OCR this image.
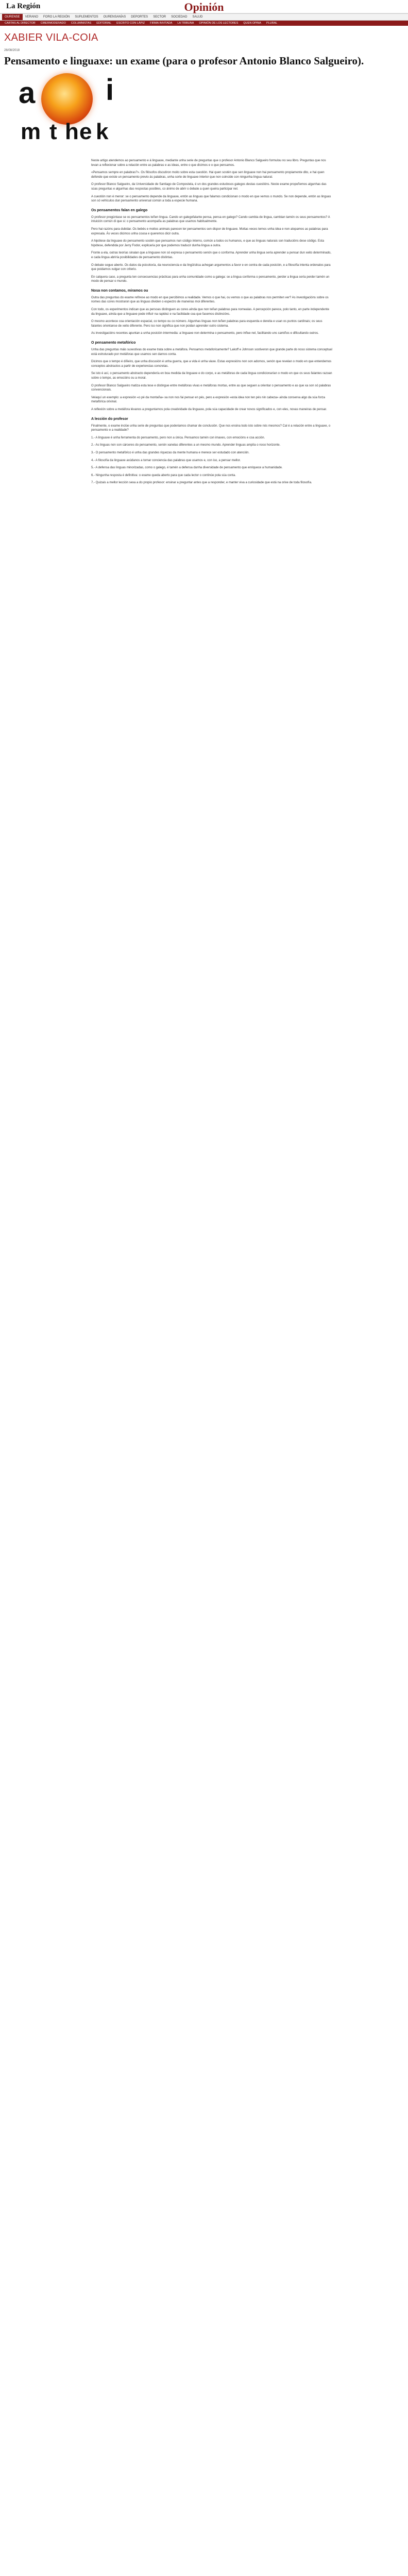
La Región	Opinión
OURENSE	VERANO	FORO LA REGIÓN	SUPLEMENTOS	OURENSANÍAS	DEPORTES	SECTOR	SOCIEDAD	SALUD
CARTAS AL DIRECTOR	CIBERMODERADO	COLUMNISTAS	EDITORIAL	ESCRITO CON LÁPIZ	FIRMA INVITADA	LA TRIBUNA	OPINIÓN DE LOS LECTORES	QUEN OPINA	PLURAL
XABIER VILA-COIA
26/08/2018
Pensamento e linguaxe: un exame (para o profesor Antonio Blanco Salgueiro).
a i
m t h e k

Neste artigo atendemos ao pensamento e á linguaxe, mediante unha serie de preguntas que o profesor Antonio Blanco Salgueiro formulou no seu libro. Preguntas que nos levan a reflexionar sobre a relación entre as palabras e as ideas, entre o que dicimos e o que pensamos.

«Pensamos sempre en palabras?». Os filósofos discutiron moito sobre esta cuestión. Hai quen sostén que sen linguaxe non hai pensamento propiamente dito, e hai quen defende que existe un pensamento previo ás palabras, unha sorte de linguaxe interior que non coincide con ningunha lingua natural.

O profesor Blanco Salgueiro, da Universidade de Santiago de Compostela, é un dos grandes estudosos galegos destas cuestións. Neste exame propoñemos algunhas das súas preguntas e algunhas das respostas posibles, co ánimo de abrir o debate a quen queira participar nel.

A cuestión non é menor: se o pensamento depende da linguaxe, entón as linguas que falamos condicionan o modo en que vemos o mundo. Se non depende, entón as linguas son só vehículos dun pensamento universal común a toda a especie humana.

Os pensamentos falan en galego

O profesor pregúntase se os pensamentos teñen lingua. Cando un galegofalante pensa, pensa en galego? Cando cambia de lingua, cambian tamén os seus pensamentos? A intuición común di que si: o pensamento acompaña as palabras que usamos habitualmente.

Pero hai razóns para dubidar. Os bebés e moitos animais parecen ter pensamentos sen dispor de linguaxe. Moitas veces temos unha idea e non atopamos as palabras para expresala. Ás veces dicimos unha cousa e queremos dicir outra.

A hipótese da linguaxe do pensamento sostén que pensamos nun código interno, común a todos os humanos, e que as linguas naturais son traducións dese código. Esta hipótese, defendida por Jerry Fodor, explicaría por que podemos traducir dunha lingua a outra.

Fronte a ela, outras teorías sinalan que a linguaxe non só expresa o pensamento senón que o conforma. Aprender unha lingua sería aprender a pensar dun xeito determinado, e cada lingua abriría posibilidades de pensamento distintas.

O debate segue aberto. Os datos da psicoloxía, da neurociencia e da lingüística achegan argumentos a favor e en contra de cada posición, e a filosofía intenta ordenalos para que poidamos xulgar con criterio.

En calquera caso, a pregunta ten consecuencias prácticas para unha comunidade como a galega: se a lingua conforma o pensamento, perder a lingua sería perder tamén un modo de pensar o mundo.

Nosa non contamos, miramos ou

Outra das preguntas do exame refírese ao modo en que percibimos a realidade. Vemos o que hai, ou vemos o que as palabras nos permiten ver? As investigacións sobre os nomes das cores mostraron que as linguas dividen o espectro de maneiras moi diferentes.

Con todo, os experimentos indican que as persoas distinguen as cores aínda que non teñan palabras para nomealas. A percepción parece, polo tanto, en parte independente da linguaxe, aínda que a linguaxe pode influír na rapidez e na facilidade coa que facemos distincións.

O mesmo acontece coa orientación espacial, co tempo ou co número. Algunhas linguas non teñen palabras para esquerda e dereita e usan os puntos cardinais; os seus falantes orientanse de xeito diferente. Pero iso non significa que non poidan aprender outro sistema.

As investigacións recentes apuntan a unha posición intermedia: a linguaxe non determina o pensamento, pero influe nel, facilitando uns camiños e dificultando outros.

O pensamento metafórico

Unha das preguntas máis suxestivas do exame trata sobre a metáfora. Pensamos metaforicamente? Lakoff e Johnson sostiveron que grande parte do noso sistema conceptual está estruturado por metáforas que usamos sen darnos conta.

Dicimos que o tempo é diñeiro, que unha discusión é unha guerra, que a vida é unha viaxe. Estas expresións non son adornos, senón que revelan o modo en que entendemos conceptos abstractos a partir de experiencias concretas.

Se isto é así, o pensamento abstracto dependería en boa medida da linguaxe e do corpo, e as metáforas de cada lingua condicionarían o modo en que os seus falantes razoan sobre o tempo, as emocións ou a moral.

O profesor Blanco Salgueiro matiza esta tese e distingue entre metáforas vivas e metáforas mortas, entre as que seguen a orientar o pensamento e as que xa son só palabras convencionais.

Velaquí un exemplo: a expresión «o pé da montaña» xa non nos fai pensar en pés, pero a expresión «esta idea non ten pés nin cabeza» aínda conserva algo da súa forza metafórica orixinal.

A reflexión sobre a metáfora lévanos a preguntarnos pola creatividade da linguaxe, pola súa capacidade de crear novos significados e, con eles, novas maneiras de pensar.

A lección do profesor

Finalmente, o exame inclúe unha serie de preguntas que poderiamos chamar de conclusión. Que nos ensina todo isto sobre nós mesmos? Cal é a relación entre a linguaxe, o pensamento e a realidade?

1.- A linguaxe é unha ferramenta do pensamento, pero non a única. Pensamos tamén con imaxes, con emocións e coa acción.

2.- As linguas non son cárceres do pensamento, senón xanelas diferentes a un mesmo mundo. Aprender linguas amplía o noso horizonte.

3.- O pensamento metafórico é unha das grandes riquezas da mente humana e merece ser estudado con atención.

4.- A filosofía da linguaxe axúdanos a tomar conciencia das palabras que usamos e, con iso, a pensar mellor.

5.- A defensa das linguas minorizadas, como o galego, é tamén a defensa dunha diversidade de pensamento que enriquece a humanidade.

6.- Ningunha resposta é definitiva: o exame queda aberto para que cada lector o continúe pola súa conta.

7.- Quizais a mellor lección sexa a do propio profesor: ensinar a preguntar antes que a responder, e manter viva a curiosidade que está na orixe de toda filosofía.
